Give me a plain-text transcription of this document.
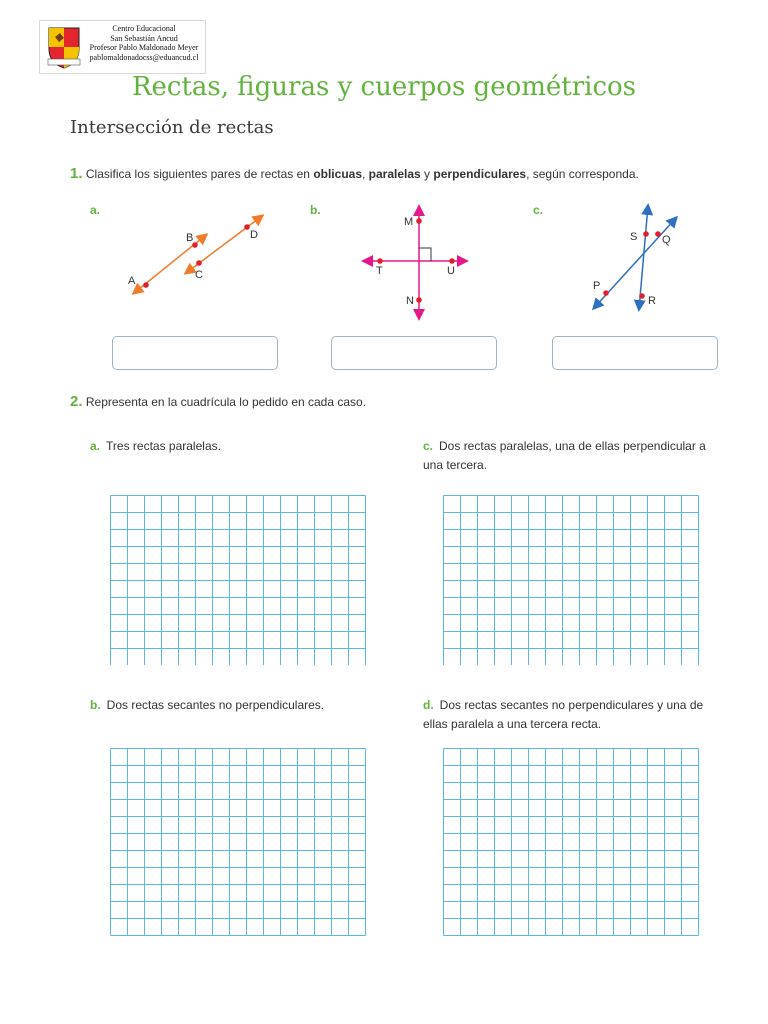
Centro Educacional
San Sebastián Ancud
Profesor Pablo Maldonado Meyer
pablomaldonadocss@eduancud.cl
Rectas, figuras y cuerpos geométricos
Intersección de rectas
1. Clasifica los siguientes pares de rectas en oblicuas, paralelas y perpendiculares, según corresponda.
a.	b.	c.
A
B
C
D
M
T	U
N
S Q
P
R
2. Representa en la cuadrícula lo pedido en cada caso.
a. Tres rectas paralelas.	c. Dos rectas paralelas, una de ellas perpendicular a una tercera.
b. Dos rectas secantes no perpendiculares.	d. Dos rectas secantes no perpendiculares y una de ellas paralela a una tercera recta.
